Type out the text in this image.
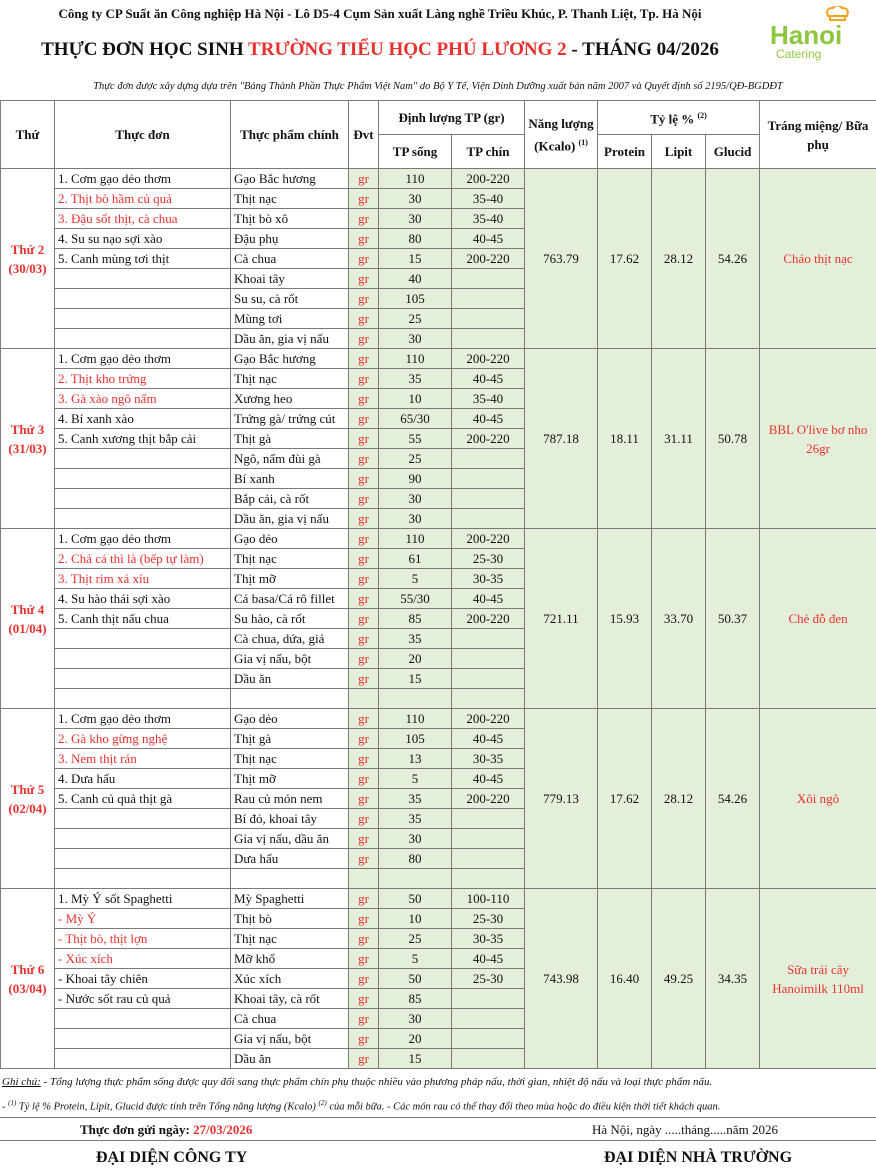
Công ty CP Suất ăn Công nghiệp Hà Nội - Lô D5-4 Cụm Sản xuất Làng nghề Triều Khúc, P. Thanh Liệt, Tp. Hà Nội
THỰC ĐƠN HỌC SINH TRƯỜNG TIỂU HỌC PHÚ LƯƠNG 2 - THÁNG 04/2026	Hanoi
Catering
Thực đơn được xây dựng dựa trên "Bảng Thành Phần Thực Phẩm Việt Nam" do Bộ Y Tế, Viện Dinh Dưỡng xuất bản năm 2007 và Quyết định số 2195/QĐ-BGDĐT
Thứ	Thực đơn	Thực phẩm chính	Đvt	Định lượng TP (gr)		Năng lượng (Kcalo) $^{(1)}$	Tỷ lệ % $^{(2)}$			Tráng miệng/ Bữa phụ
				TP sống	TP chín		Protein	Lipit	Glucid	

Thứ 2
(30/03)	1. Cơm gạo dẻo thơm	Gạo Bắc hương	gr	110	200-220	763.79	17.62	28.12	54.26	Cháo thịt nạc
	2. Thịt bò hầm củ quả	Thịt nạc	gr	30	35-40					
	3. Đậu sốt thịt, cà chua	Thịt bò xô	gr	30	35-40					
	4. Su su nạo sợi xào	Đậu phụ	gr	80	40-45					
	5. Canh mùng tơi thịt	Cà chua	gr	15	200-220					
		Khoai tây	gr	40						
		Su su, cà rốt	gr	105						
		Mùng tơi	gr	25						
		Dầu ăn, gia vị nấu	gr	30						

Thứ 3
(31/03)	1. Cơm gạo dẻo thơm	Gạo Bắc hương	gr	110	200-220	787.18	18.11	31.11	50.78	BBL O'live bơ nho 26gr
	2. Thịt kho trứng	Thịt nạc	gr	35	40-45					
	3. Gà xào ngô nấm	Xương heo	gr	10	35-40					
	4. Bí xanh xào	Trứng gà/ trứng cút	gr	65/30	40-45					
	5. Canh xương thịt bắp cải	Thịt gà	gr	55	200-220					
		Ngô, nấm đùi gà	gr	25						
		Bí xanh	gr	90						
		Bắp cải, cà rốt	gr	30						
		Dầu ăn, gia vị nấu	gr	30						

Thứ 4
(01/04)	1. Cơm gạo dẻo thơm	Gạo dẻo	gr	110	200-220	721.11	15.93	33.70	50.37	Chè đỗ đen
	2. Chả cá thì là (bếp tự làm)	Thịt nạc	gr	61	25-30					
	3. Thịt rim xá xíu	Thịt mỡ	gr	5	30-35					
	4. Su hào thái sợi xào	Cá basa/Cá rô fillet	gr	55/30	40-45					
	5. Canh thịt nấu chua	Su hào, cà rốt	gr	85	200-220					
		Cà chua, dứa, giá	gr	35						
		Gia vị nấu, bột	gr	20						
		Dầu ăn	gr	15						

Thứ 5
(02/04)	1. Cơm gạo dẻo thơm	Gạo dẻo	gr	110	200-220	779.13	17.62	28.12	54.26	Xôi ngô
	2. Gà kho gừng nghệ	Thịt gà	gr	105	40-45					
	3. Nem thịt rán	Thịt nạc	gr	13	30-35					
	4. Dưa hấu	Thịt mỡ	gr	5	40-45					
	5. Canh củ quả thịt gà	Rau củ món nem	gr	35	200-220					
		Bí đỏ, khoai tây	gr	35						
		Gia vị nấu, dầu ăn	gr	30						
		Dưa hấu	gr	80						

Thứ 6
(03/04)	1. Mỳ Ý sốt Spaghetti	Mỳ Spaghetti	gr	50	100-110	743.98	16.40	49.25	34.35	Sữa trái cây Hanoimilk 110ml
	- Mỳ Ý	Thịt bò	gr	10	25-30					
	- Thịt bò, thịt lợn	Thịt nạc	gr	25	30-35					
	- Xúc xích	Mỡ khổ	gr	5	40-45					
	- Khoai tây chiên	Xúc xích	gr	50	25-30					
	- Nước sốt rau củ quả	Khoai tây, cà rốt	gr	85						
		Cà chua	gr	30						
		Gia vị nấu, bột	gr	20						
		Dầu ăn	gr	15						
Ghi chú: - Tổng lượng thực phẩm sống được quy đổi sang thực phẩm chín phụ thuộc nhiều vào phương pháp nấu, thời gian, nhiệt độ nấu và loại thực phẩm nấu.
- $^{(1)}$ Tỷ lệ % Protein, Lipit, Glucid được tính trên Tổng năng lượng (Kcalo) $^{(2)}$ của mỗi bữa. - Các món rau có thể thay đổi theo mùa hoặc do điều kiện thời tiết khách quan.
Thực đơn gửi ngày: 27/03/2026	Hà Nội, ngày .....tháng.....năm 2026
ĐẠI DIỆN CÔNG TY	ĐẠI DIỆN NHÀ TRƯỜNG
